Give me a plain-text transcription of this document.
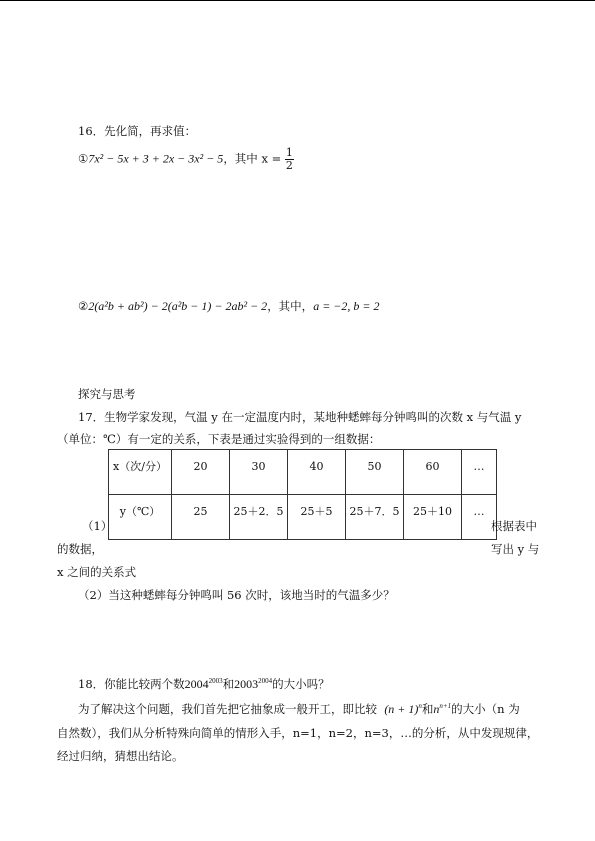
16．先化简，再求值：
①7x² − 5x + 3 + 2x − 3x² − 5，其中 $x = \frac{1}{2}$
②2(a²b + ab²) − 2(a²b − 1) − 2ab² − 2，其中，a = −2, b = 2
探究与思考
17．生物学家发现，气温 y 在一定温度内时，某地种蟋蟀每分钟鸣叫的次数 x 与气温 y
（单位：℃）有一定的关系，下表是通过实验得到的一组数据：
x（次/分）	20	30	40	50	60	…
y（℃）	25	25＋2．5	25＋5	25＋7．5	25＋10	…
（1）	根据表中
的数据，	写出 y 与
x 之间的关系式
（2）当这种蟋蟀每分钟鸣叫 56 次时，该地当时的气温多少？
18．你能比较两个数$2004^{2003}$和$2003^{2004}$的大小吗？
为了解决这个问题，我们首先把它抽象成一般开工，即比较 $(n + 1)^n$和$n^{n+1}$的大小（n 为
自然数），我们从分析特殊向简单的情形入手，n=1，n=2，n=3，…的分析，从中发现规律，
经过归纳，猜想出结论。
